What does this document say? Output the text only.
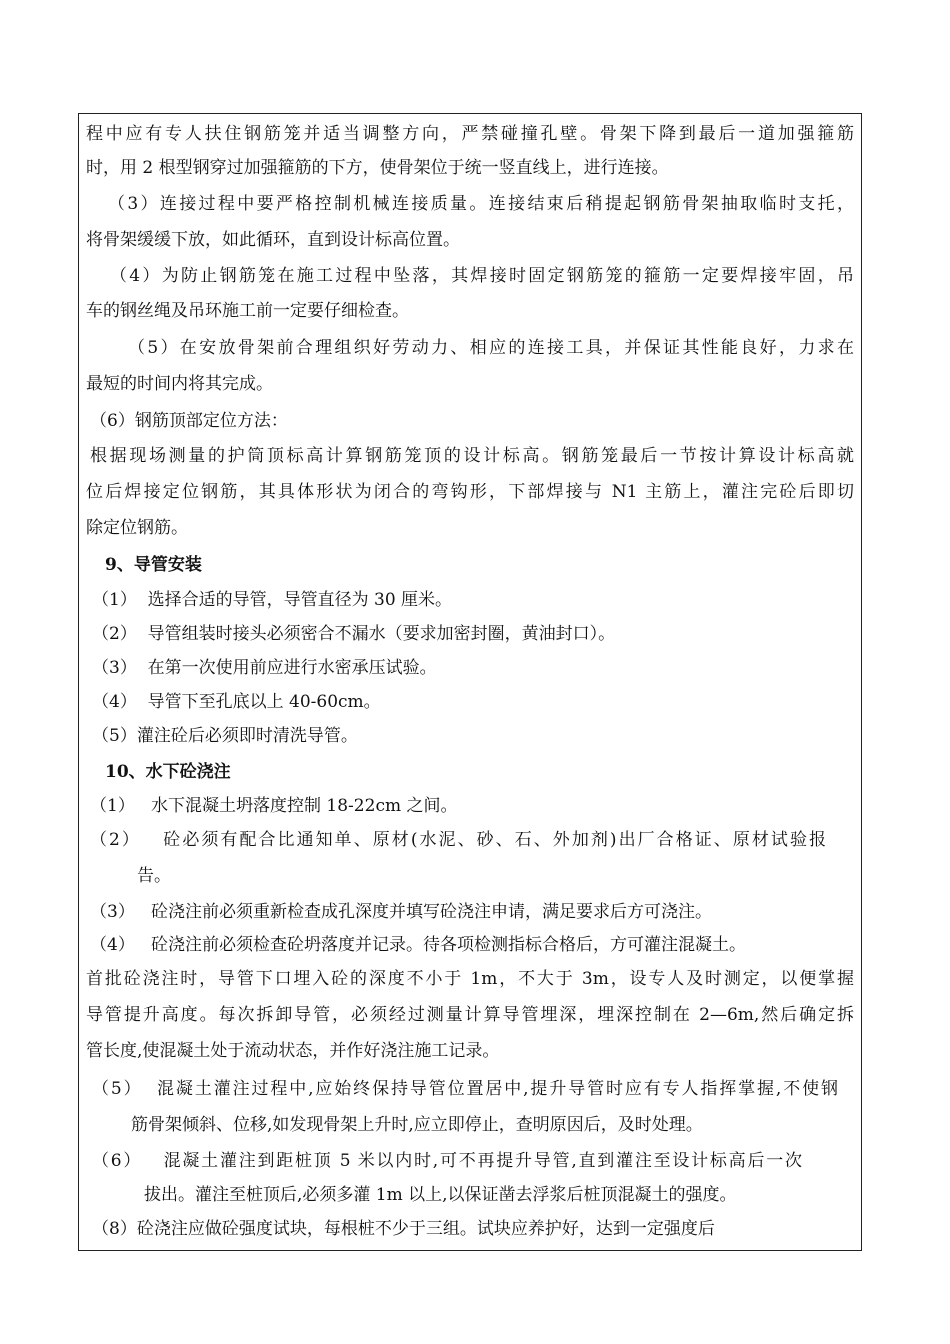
程中应有专人扶住钢筋笼并适当调整方向，严禁碰撞孔壁。骨架下降到最后一道加强箍筋
时，用 2 根型钢穿过加强箍筋的下方，使骨架位于统一竖直线上，进行连接。
（3）连接过程中要严格控制机械连接质量。连接结束后稍提起钢筋骨架抽取临时支托，
将骨架缓缓下放，如此循环，直到设计标高位置。
（4）为防止钢筋笼在施工过程中坠落，其焊接时固定钢筋笼的箍筋一定要焊接牢固，吊
车的钢丝绳及吊环施工前一定要仔细检查。
（5）在安放骨架前合理组织好劳动力、相应的连接工具，并保证其性能良好，力求在
最短的时间内将其完成。
（6）钢筋顶部定位方法：
根据现场测量的护筒顶标高计算钢筋笼顶的设计标高。钢筋笼最后一节按计算设计标高就
位后焊接定位钢筋，其具体形状为闭合的弯钩形，下部焊接与 N1 主筋上，灌注完砼后即切
除定位钢筋。
9、导管安装
（1）  选择合适的导管，导管直径为 30 厘米。
（2）  导管组装时接头必须密合不漏水（要求加密封圈，黄油封口）。
（3）  在第一次使用前应进行水密承压试验。
（4）  导管下至孔底以上 40-60cm。
（5）灌注砼后必须即时清洗导管。
10、水下砼浇注
（1）   水下混凝土坍落度控制 18-22cm 之间。
（2）   砼必须有配合比通知单、原材(水泥、砂、石、外加剂)出厂合格证、原材试验报
告。
（3）   砼浇注前必须重新检查成孔深度并填写砼浇注申请，满足要求后方可浇注。
（4）   砼浇注前必须检查砼坍落度并记录。待各项检测指标合格后，方可灌注混凝土。
首批砼浇注时，导管下口埋入砼的深度不小于 1m，不大于 3m，设专人及时测定，以便掌握
导管提升高度。每次拆卸导管，必须经过测量计算导管埋深，埋深控制在 2—6m,然后确定拆
管长度,使混凝土处于流动状态，并作好浇注施工记录。
（5）  混凝土灌注过程中,应始终保持导管位置居中,提升导管时应有专人指挥掌握,不使钢
筋骨架倾斜、位移,如发现骨架上升时,应立即停止，查明原因后，及时处理。
（6）   混凝土灌注到距桩顶 5 米以内时,可不再提升导管,直到灌注至设计标高后一次
拔出。灌注至桩顶后,必须多灌 1m 以上,以保证凿去浮浆后桩顶混凝土的强度。
（8）砼浇注应做砼强度试块，每根桩不少于三组。试块应养护好，达到一定强度后
